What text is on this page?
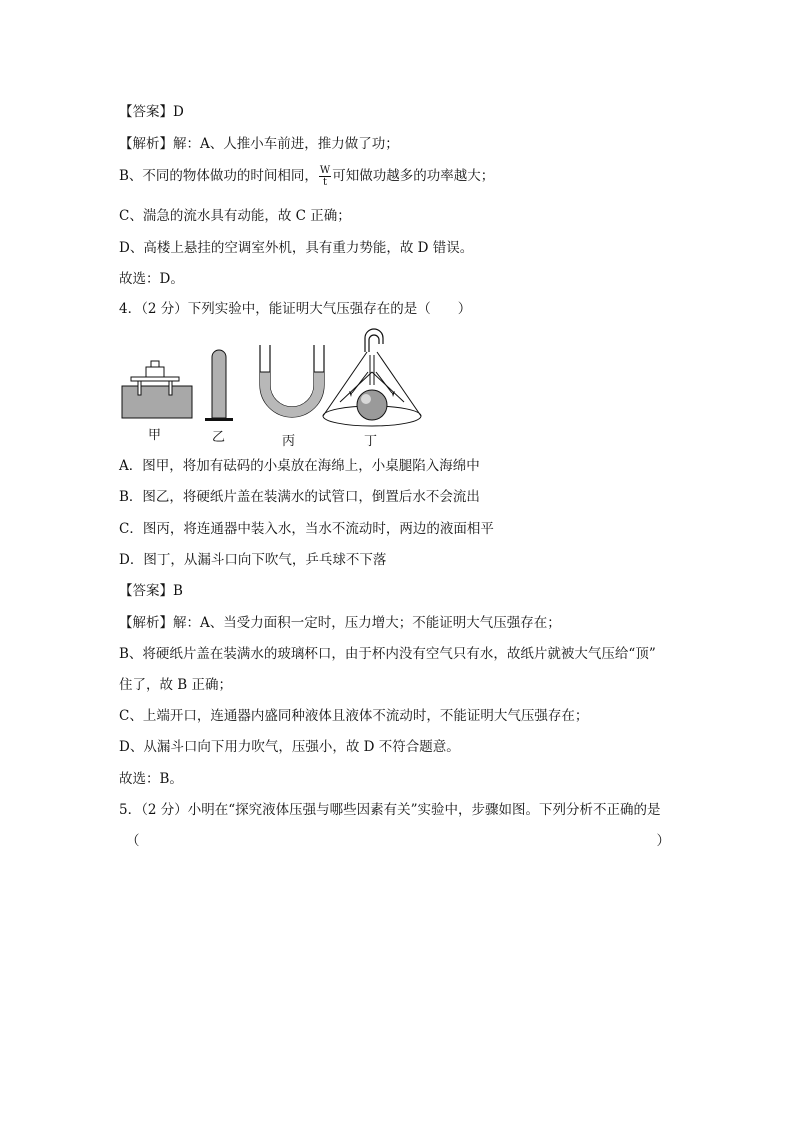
【答案】D
【解析】解：A、人推小车前进，推力做了功；
B、不同的物体做功的时间相同， $\frac{W}{t}$ 可知做功越多的功率越大；
C、湍急的流水具有动能，故 C 正确；
D、高楼上悬挂的空调室外机，具有重力势能，故 D 错误。
故选：D。
4．（2 分）下列实验中，能证明大气压强存在的是（　　）
甲	乙	丙	丁
A．图甲，将加有砝码的小桌放在海绵上，小桌腿陷入海绵中
B．图乙，将硬纸片盖在装满水的试管口，倒置后水不会流出
C．图丙，将连通器中装入水，当水不流动时，两边的液面相平
D．图丁，从漏斗口向下吹气，乒乓球不下落
【答案】B
【解析】解：A、当受力面积一定时，压力增大；不能证明大气压强存在；
B、将硬纸片盖在装满水的玻璃杯口，由于杯内没有空气只有水，故纸片就被大气压给“顶”
住了，故 B 正确；
C、上端开口，连通器内盛同种液体且液体不流动时，不能证明大气压强存在；
D、从漏斗口向下用力吹气，压强小，故 D 不符合题意。
故选：B。
5．（2 分）小明在“探究液体压强与哪些因素有关”实验中，步骤如图。下列分析不正确的是
（	）
